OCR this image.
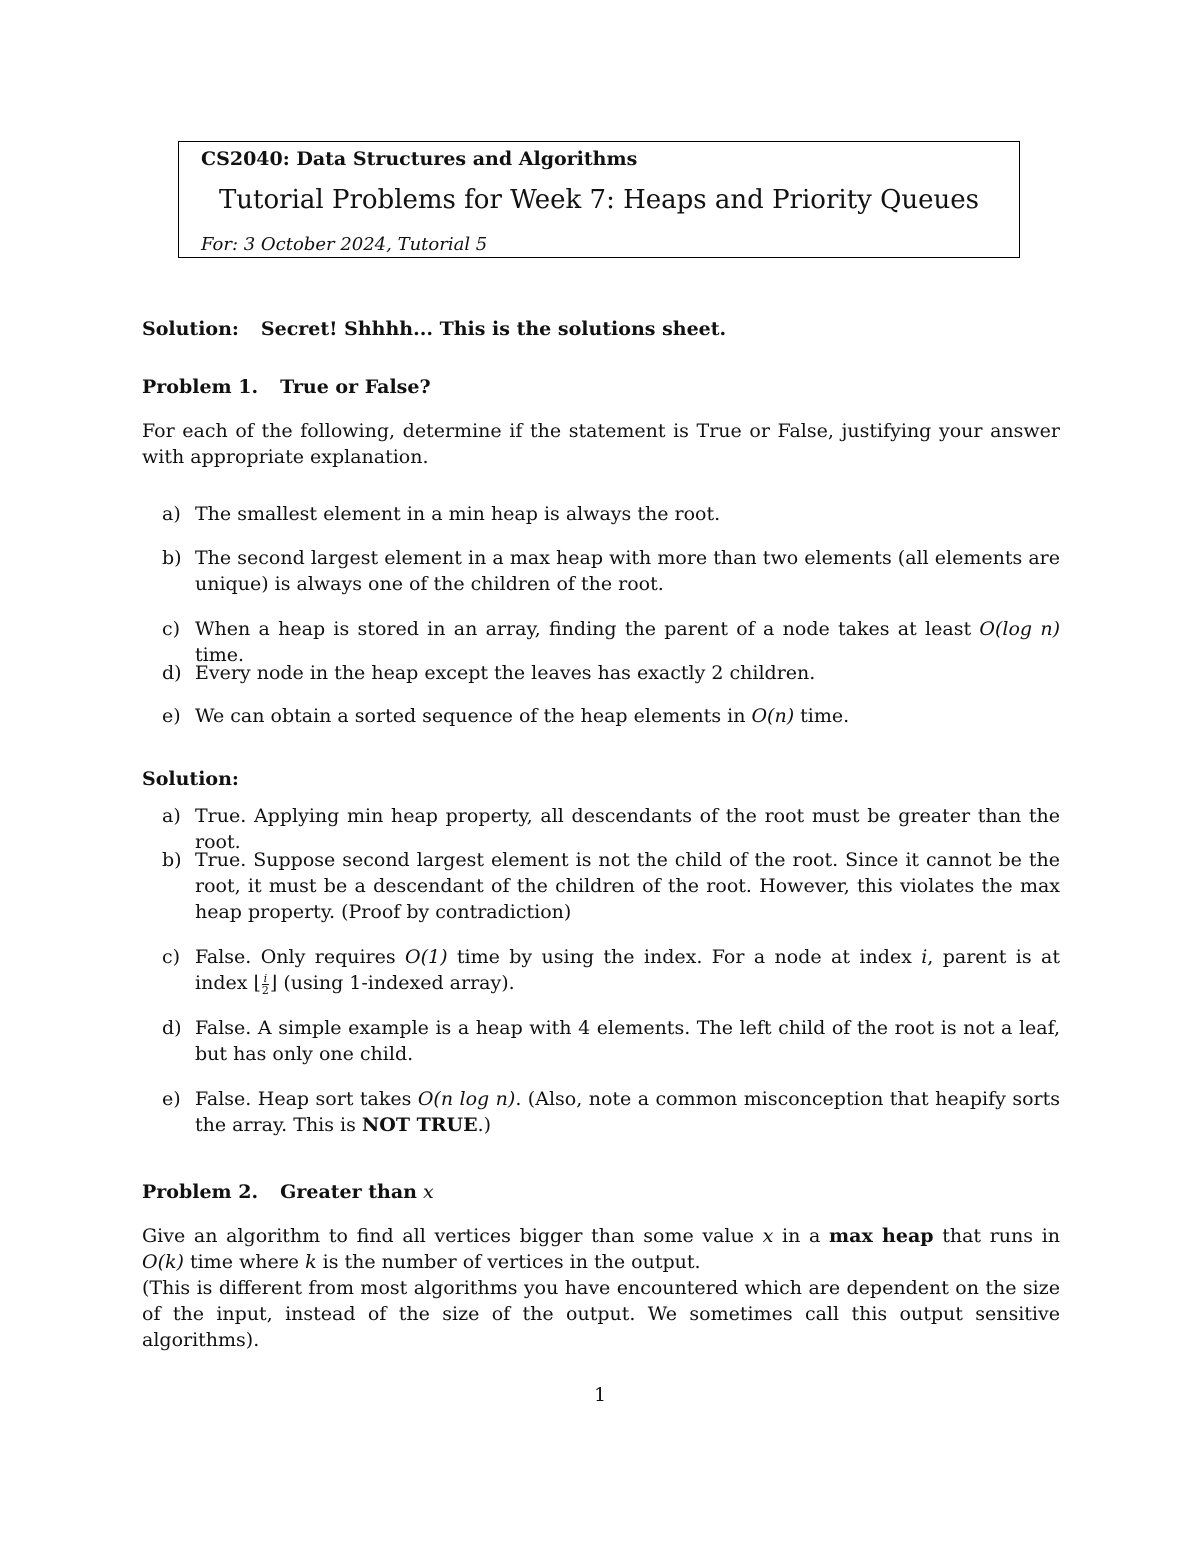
CS2040: Data Structures and Algorithms
Tutorial Problems for Week 7: Heaps and Priority Queues
For: 3 October 2024, Tutorial 5
Solution: Secret! Shhhh... This is the solutions sheet.
Problem 1. True or False?
For each of the following, determine if the statement is True or False, justifying your answer with appropriate explanation.
a) The smallest element in a min heap is always the root.
b) The second largest element in a max heap with more than two elements (all elements are unique) is always one of the children of the root.
c) When a heap is stored in an array, finding the parent of a node takes at least O(log n) time.
d) Every node in the heap except the leaves has exactly 2 children.
e) We can obtain a sorted sequence of the heap elements in O(n) time.
Solution:
a) True. Applying min heap property, all descendants of the root must be greater than the root.
b) True. Suppose second largest element is not the child of the root. Since it cannot be the root, it must be a descendant of the children of the root. However, this violates the max heap property. (Proof by contradiction)
c) False. Only requires O(1) time by using the index. For a node at index i, parent is at index ⌊ $\frac{i}{2}$ ⌋ (using 1-indexed array).
d) False. A simple example is a heap with 4 elements. The left child of the root is not a leaf, but has only one child.
e) False. Heap sort takes O(n log n). (Also, note a common misconception that heapify sorts the array. This is NOT TRUE.)
Problem 2. Greater than x
Give an algorithm to find all vertices bigger than some value x in a max heap that runs in O(k) time where k is the number of vertices in the output.
(This is different from most algorithms you have encountered which are dependent on the size of the input, instead of the size of the output. We sometimes call this output sensitive algorithms).
1
